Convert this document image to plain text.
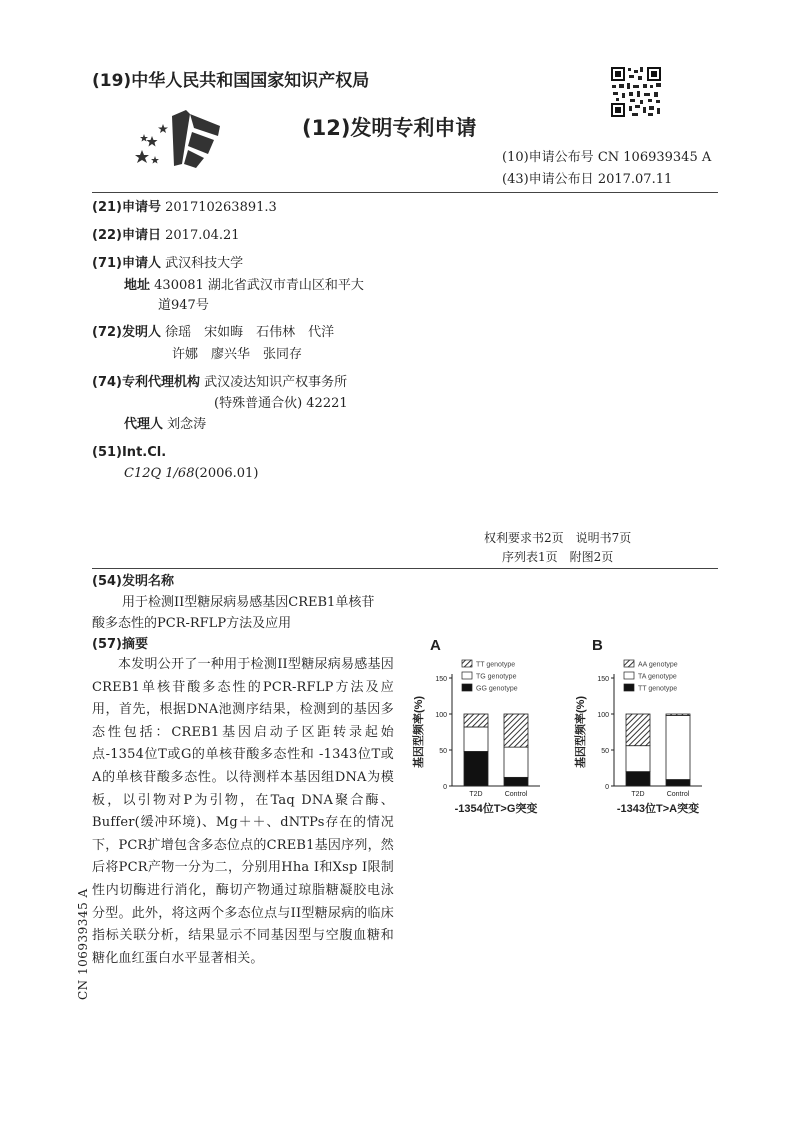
(19)中华人民共和国国家知识产权局
(12)发明专利申请
(10)申请公布号 CN 106939345 A
(43)申请公布日 2017.07.11
(21)申请号 201710263891.3
(22)申请日 2017.04.21
(71)申请人 武汉科技大学
地址 430081 湖北省武汉市青山区和平大
道947号
(72)发明人 徐瑶　宋如晦　石伟林　代洋
许娜　廖兴华　张同存
(74)专利代理机构 武汉凌达知识产权事务所
(特殊普通合伙) 42221
代理人 刘念涛
(51)Int.Cl.
C12Q 1/68(2006.01)
权利要求书2页　说明书7页
序列表1页　附图2页
(54)发明名称
用于检测II型糖尿病易感基因CREB1单核苷
酸多态性的PCR-RFLP方法及应用
(57)摘要

本发明公开了一种用于检测II型糖尿病易感基因CREB1单核苷酸多态性的PCR-RFLP方法及应用，首先，根据DNA池测序结果，检测到的基因多态性包括：CREB1基因启动子区距转录起始点-1354位T或G的单核苷酸多态性和 -1343位T或A的单核苷酸多态性。以待测样本基因组DNA为模板，以引物对P为引物，在Taq DNA聚合酶、Buffer(缓冲环境)、Mg＋＋、dNTPs存在的情况下，PCR扩增包含多态位点的CREB1基因序列，然后将PCR产物一分为二，分别用Hha I和Xsp I限制性内切酶进行消化，酶切产物通过琼脂糖凝胶电泳分型。此外，将这两个多态位点与II型糖尿病的临床指标关联分析，结果显示不同基因型与空腹血糖和糖化血红蛋白水平显著相关。

CN 106939345 A
A
基因型频率(%)
0
50
100
150
T2D	Control
TT genotype
TG genotype
GG genotype
-1354位T>G突变
B
基因型频率(%)
0
50
100
150
T2D	Control
AA genotype
TA genotype
TT genotype
-1343位T>A突变
